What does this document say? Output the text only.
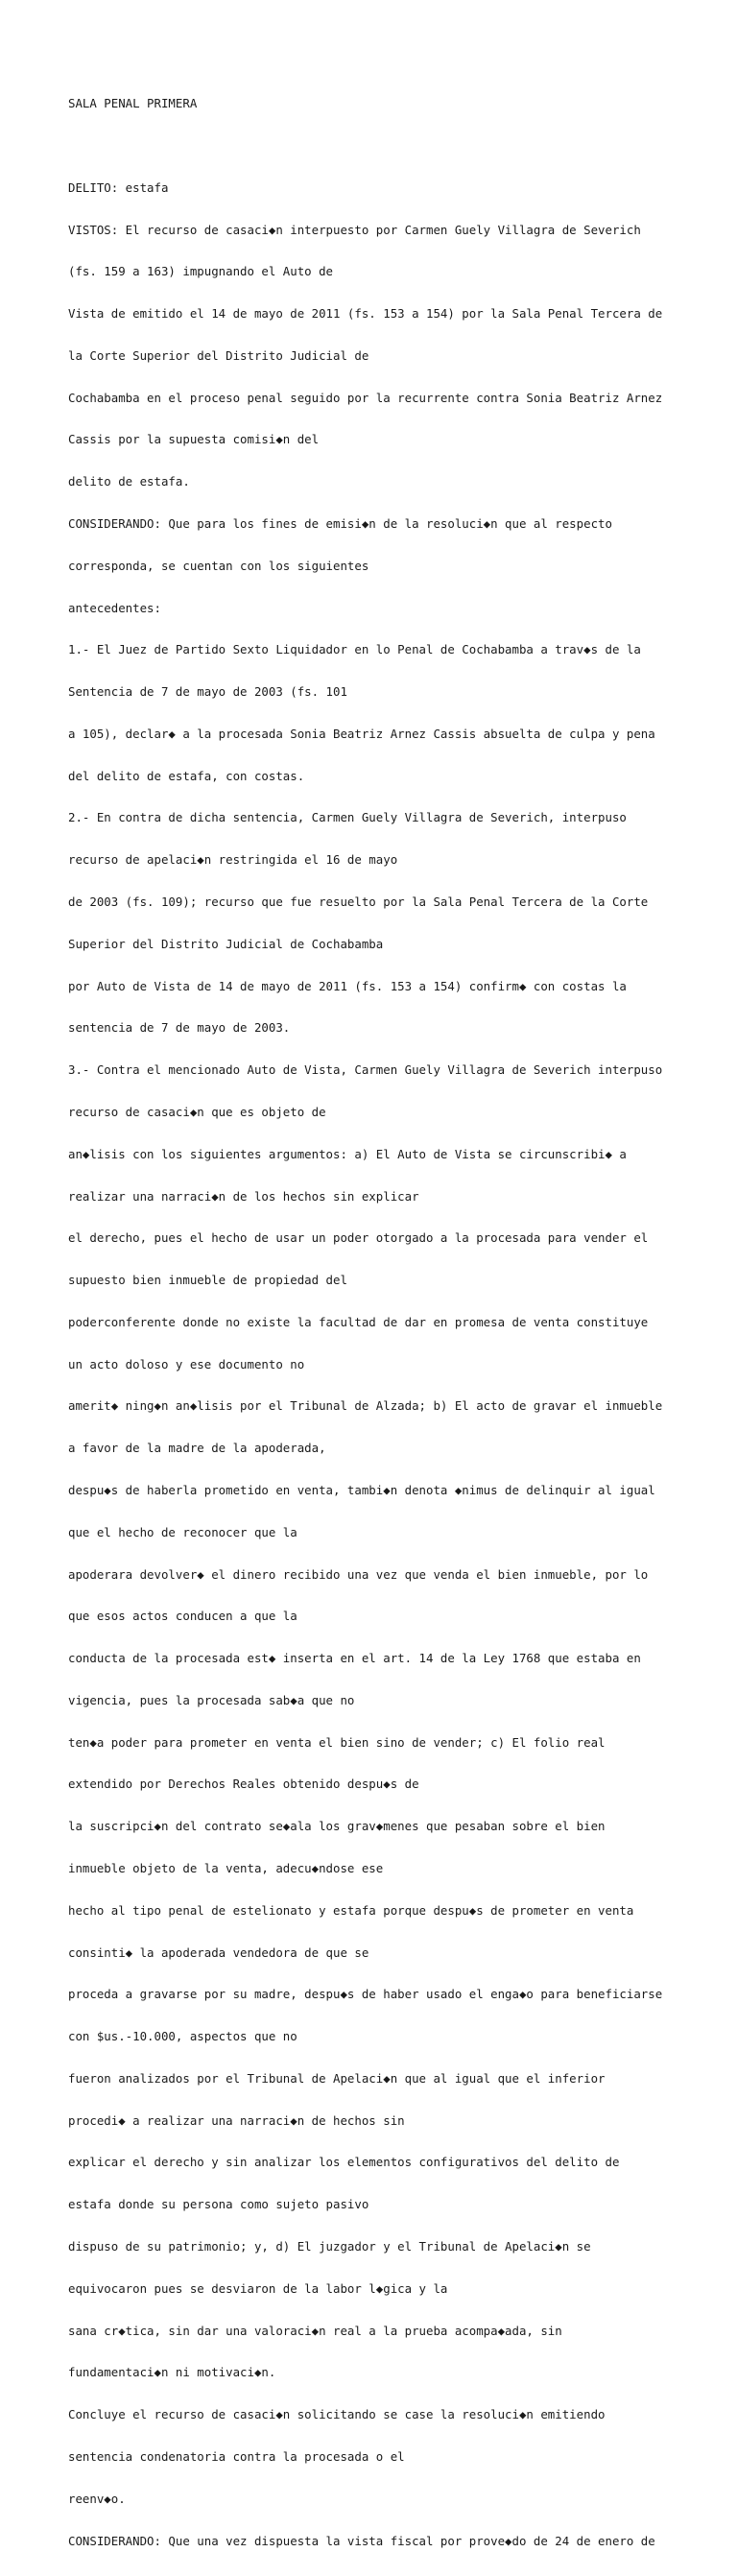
SALA PENAL PRIMERA

DELITO: estafa

VISTOS: El recurso de casaci◆n interpuesto por Carmen Guely Villagra de Severich

(fs. 159 a 163) impugnando el Auto de

Vista de emitido el 14 de mayo de 2011 (fs. 153 a 154) por la Sala Penal Tercera de

la Corte Superior del Distrito Judicial de

Cochabamba en el proceso penal seguido por la recurrente contra Sonia Beatriz Arnez

Cassis por la supuesta comisi◆n del

delito de estafa.

CONSIDERANDO: Que para los fines de emisi◆n de la resoluci◆n que al respecto

corresponda, se cuentan con los siguientes

antecedentes:

1.- El Juez de Partido Sexto Liquidador en lo Penal de Cochabamba a trav◆s de la

Sentencia de 7 de mayo de 2003 (fs. 101

a 105), declar◆ a la procesada Sonia Beatriz Arnez Cassis absuelta de culpa y pena

del delito de estafa, con costas.

2.- En contra de dicha sentencia, Carmen Guely Villagra de Severich, interpuso

recurso de apelaci◆n restringida el 16 de mayo

de 2003 (fs. 109); recurso que fue resuelto por la Sala Penal Tercera de la Corte

Superior del Distrito Judicial de Cochabamba

por Auto de Vista de 14 de mayo de 2011 (fs. 153 a 154) confirm◆ con costas la

sentencia de 7 de mayo de 2003.

3.- Contra el mencionado Auto de Vista, Carmen Guely Villagra de Severich interpuso

recurso de casaci◆n que es objeto de

an◆lisis con los siguientes argumentos: a) El Auto de Vista se circunscribi◆ a

realizar una narraci◆n de los hechos sin explicar

el derecho, pues el hecho de usar un poder otorgado a la procesada para vender el

supuesto bien inmueble de propiedad del

poderconferente donde no existe la facultad de dar en promesa de venta constituye

un acto doloso y ese documento no

amerit◆ ning◆n an◆lisis por el Tribunal de Alzada; b) El acto de gravar el inmueble

a favor de la madre de la apoderada,

despu◆s de haberla prometido en venta, tambi◆n denota ◆nimus de delinquir al igual

que el hecho de reconocer que la

apoderara devolver◆ el dinero recibido una vez que venda el bien inmueble, por lo

que esos actos conducen a que la

conducta de la procesada est◆ inserta en el art. 14 de la Ley 1768 que estaba en

vigencia, pues la procesada sab◆a que no

ten◆a poder para prometer en venta el bien sino de vender; c) El folio real

extendido por Derechos Reales obtenido despu◆s de

la suscripci◆n del contrato se◆ala los grav◆menes que pesaban sobre el bien

inmueble objeto de la venta, adecu◆ndose ese

hecho al tipo penal de estelionato y estafa porque despu◆s de prometer en venta

consinti◆ la apoderada vendedora de que se

proceda a gravarse por su madre, despu◆s de haber usado el enga◆o para beneficiarse

con $us.-10.000, aspectos que no

fueron analizados por el Tribunal de Apelaci◆n que al igual que el inferior

procedi◆ a realizar una narraci◆n de hechos sin

explicar el derecho y sin analizar los elementos configurativos del delito de

estafa donde su persona como sujeto pasivo

dispuso de su patrimonio; y, d) El juzgador y el Tribunal de Apelaci◆n se

equivocaron pues se desviaron de la labor l◆gica y la

sana cr◆tica, sin dar una valoraci◆n real a la prueba acompa◆ada, sin

fundamentaci◆n ni motivaci◆n.

Concluye el recurso de casaci◆n solicitando se case la resoluci◆n emitiendo

sentencia condenatoria contra la procesada o el

reenv◆o.

CONSIDERANDO: Que una vez dispuesta la vista fiscal por prove◆do de 24 de enero de
